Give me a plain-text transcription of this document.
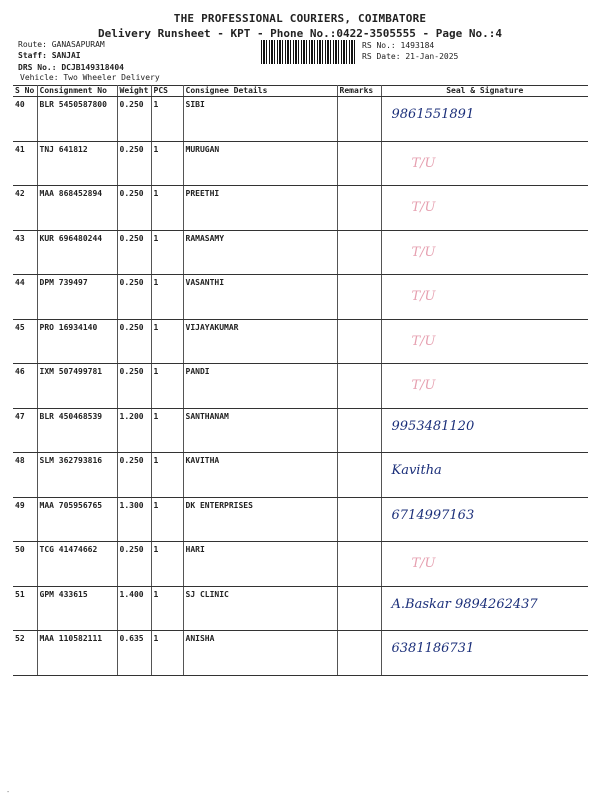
THE PROFESSIONAL COURIERS, COIMBATORE
Delivery Runsheet - KPT - Phone No.:0422-3505555 - Page No.:4
Route: GANASAPURAM
Staff: SANJAI
DRS No.: DCJB149318404
Vehicle: Two Wheeler Delivery
RS No.: 1493184
RS Date: 21-Jan-2025
S No	Consignment No	Weight	PCS	Consignee Details	Remarks	Seal & Signature
40	BLR 5450587800	0.250	1	SIBI		9861551891

41	TNJ 641812	0.250	1	MURUGAN		T/U

42	MAA 868452894	0.250	1	PREETHI		T/U

43	KUR 696480244	0.250	1	RAMASAMY		T/U

44	DPM 739497	0.250	1	VASANTHI		T/U

45	PRO 16934140	0.250	1	VIJAYAKUMAR		T/U

46	IXM 507499781	0.250	1	PANDI		T/U

47	BLR 450468539	1.200	1	SANTHANAM		9953481120

48	SLM 362793816	0.250	1	KAVITHA		Kavitha

49	MAA 705956765	1.300	1	DK ENTERPRISES		6714997163

50	TCG 41474662	0.250	1	HARI		T/U

51	GPM 433615	1.400	1	SJ CLINIC		A.Baskar 9894262437

52	MAA 110582111	0.635	1	ANISHA		6381186731
-
